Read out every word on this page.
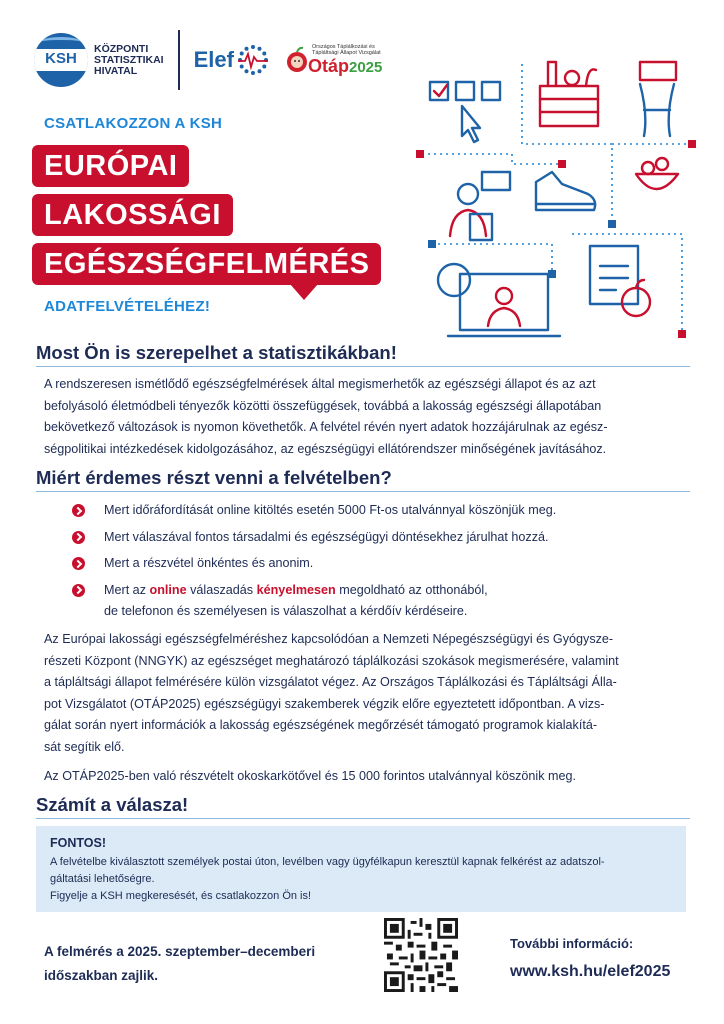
KSH
KÖZPONTI
STATISZTIKAI
HIVATAL	Elef
Országos Táplálkozási és Tápláltsági Állapot Vizsgálat
Otáp2025
CSATLAKOZZON A KSH
EURÓPAI
LAKOSSÁGI
EGÉSZSÉGFELMÉRÉS
ADATFELVÉTELÉHEZ!
Most Ön is szerepelhet a statisztikákban!
A rendszeresen ismétlődő egészségfelmérések által megismerhetők az egészségi állapot és az azt
befolyásoló életmódbeli tényezők közötti összefüggések, továbbá a lakosság egészségi állapotában
bekövetkező változások is nyomon követhetők. A felvétel révén nyert adatok hozzájárulnak az egész-
ségpolitikai intézkedések kidolgozásához, az egészségügyi ellátórendszer minőségének javításához.
Miért érdemes részt venni a felvételben?
Mert időráfordítását online kitöltés esetén 5000 Ft-os utalvánnyal köszönjük meg.
Mert válaszával fontos társadalmi és egészségügyi döntésekhez járulhat hozzá.
Mert a részvétel önkéntes és anonim.
Mert az online válaszadás kényelmesen megoldható az otthonából,
de telefonon és személyesen is válaszolhat a kérdőív kérdéseire.
Az Európai lakossági egészségfelméréshez kapcsolódóan a Nemzeti Népegészségügyi és Gyógysze-
részeti Központ (NNGYK) az egészséget meghatározó táplálkozási szokások megismerésére, valamint
a tápláltsági állapot felmérésére külön vizsgálatot végez. Az Országos Táplálkozási és Tápláltsági Álla-
pot Vizsgálatot (OTÁP2025) egészségügyi szakemberek végzik előre egyeztetett időpontban. A vizs-
gálat során nyert információk a lakosság egészségének megőrzését támogató programok kialakítá-
sát segítik elő.
Az OTÁP2025-ben való részvételt okoskarkötővel és 15 000 forintos utalvánnyal köszönik meg.
Számít a válasza!
FONTOS!
A felvételbe kiválasztott személyek postai úton, levélben vagy ügyfélkapun keresztül kapnak felkérést az adatszol-
gáltatási lehetőségre.
Figyelje a KSH megkeresését, és csatlakozzon Ön is!
A felmérés a 2025. szeptember–decemberi
időszakban zajlik.
További információ:
www.ksh.hu/elef2025
